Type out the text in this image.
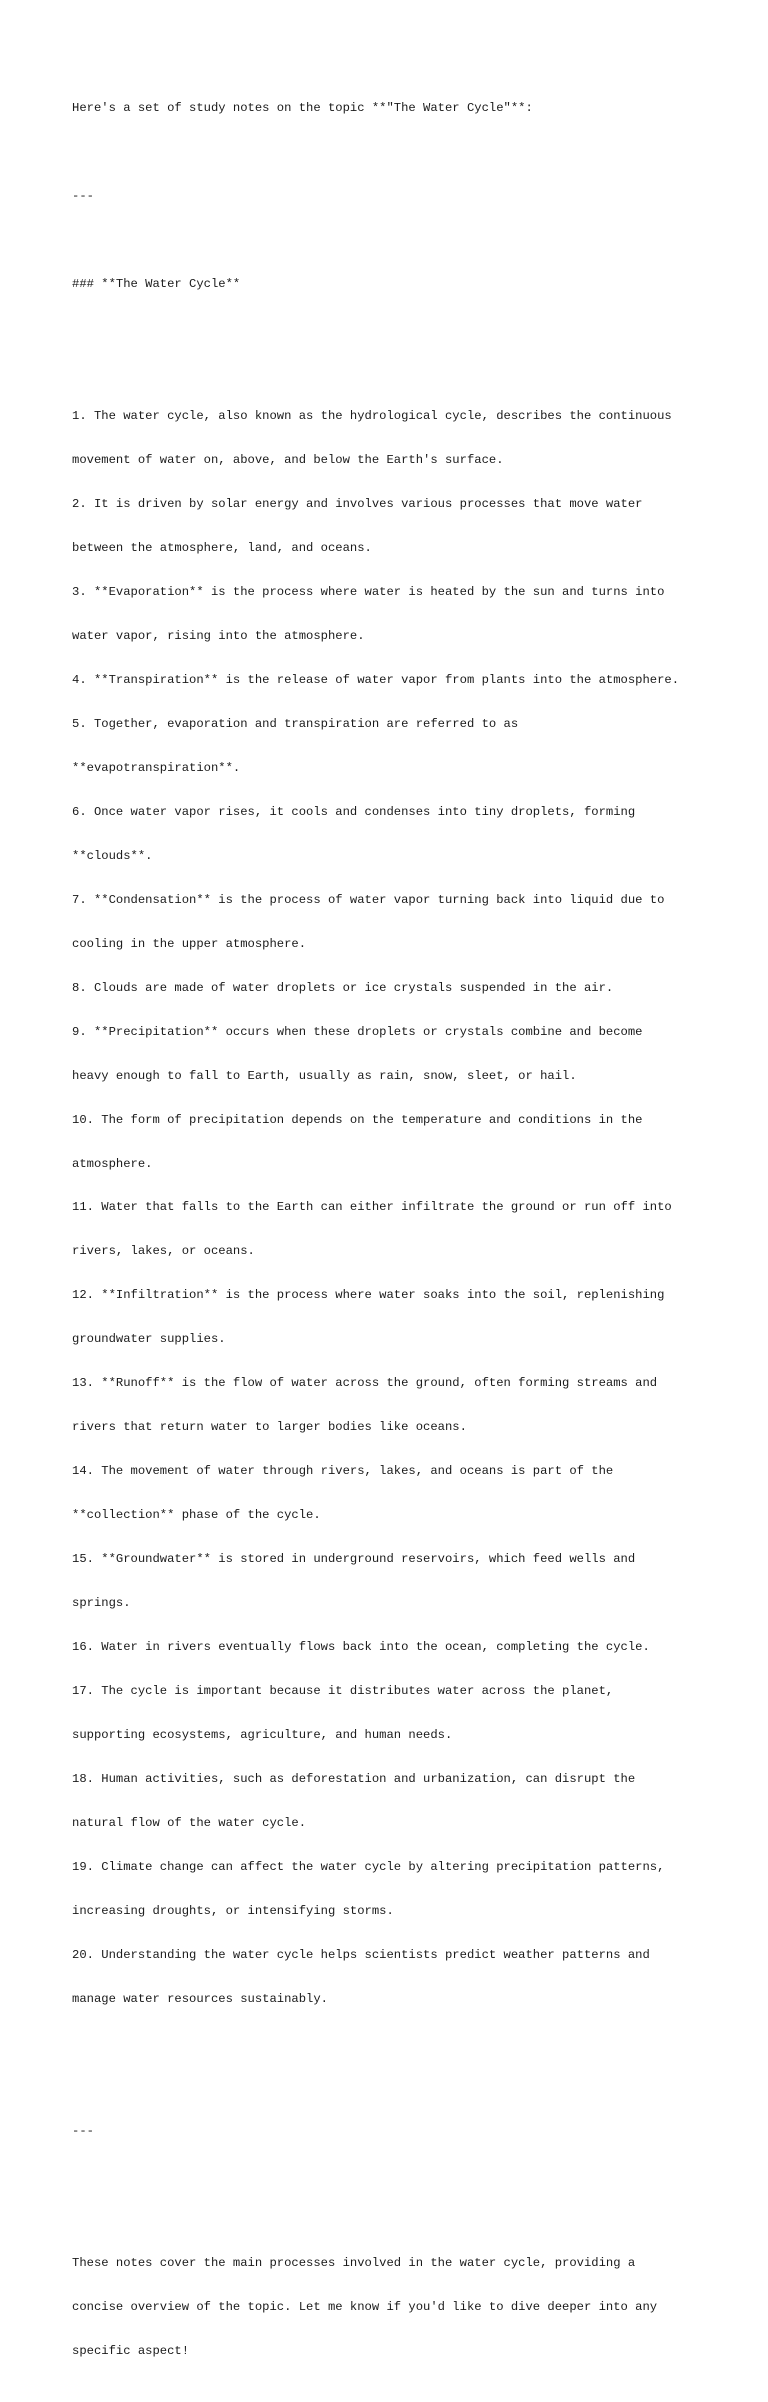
Here's a set of study notes on the topic **"The Water Cycle"**:

---

### **The Water Cycle**

1. The water cycle, also known as the hydrological cycle, describes the continuous

movement of water on, above, and below the Earth's surface.

2. It is driven by solar energy and involves various processes that move water

between the atmosphere, land, and oceans.

3. **Evaporation** is the process where water is heated by the sun and turns into

water vapor, rising into the atmosphere.

4. **Transpiration** is the release of water vapor from plants into the atmosphere.

5. Together, evaporation and transpiration are referred to as

**evapotranspiration**.

6. Once water vapor rises, it cools and condenses into tiny droplets, forming

**clouds**.

7. **Condensation** is the process of water vapor turning back into liquid due to

cooling in the upper atmosphere.

8. Clouds are made of water droplets or ice crystals suspended in the air.

9. **Precipitation** occurs when these droplets or crystals combine and become

heavy enough to fall to Earth, usually as rain, snow, sleet, or hail.

10. The form of precipitation depends on the temperature and conditions in the

atmosphere.

11. Water that falls to the Earth can either infiltrate the ground or run off into

rivers, lakes, or oceans.

12. **Infiltration** is the process where water soaks into the soil, replenishing

groundwater supplies.

13. **Runoff** is the flow of water across the ground, often forming streams and

rivers that return water to larger bodies like oceans.

14. The movement of water through rivers, lakes, and oceans is part of the

**collection** phase of the cycle.

15. **Groundwater** is stored in underground reservoirs, which feed wells and

springs.

16. Water in rivers eventually flows back into the ocean, completing the cycle.

17. The cycle is important because it distributes water across the planet,

supporting ecosystems, agriculture, and human needs.

18. Human activities, such as deforestation and urbanization, can disrupt the

natural flow of the water cycle.

19. Climate change can affect the water cycle by altering precipitation patterns,

increasing droughts, or intensifying storms.

20. Understanding the water cycle helps scientists predict weather patterns and

manage water resources sustainably.

---

These notes cover the main processes involved in the water cycle, providing a

concise overview of the topic. Let me know if you'd like to dive deeper into any

specific aspect!
